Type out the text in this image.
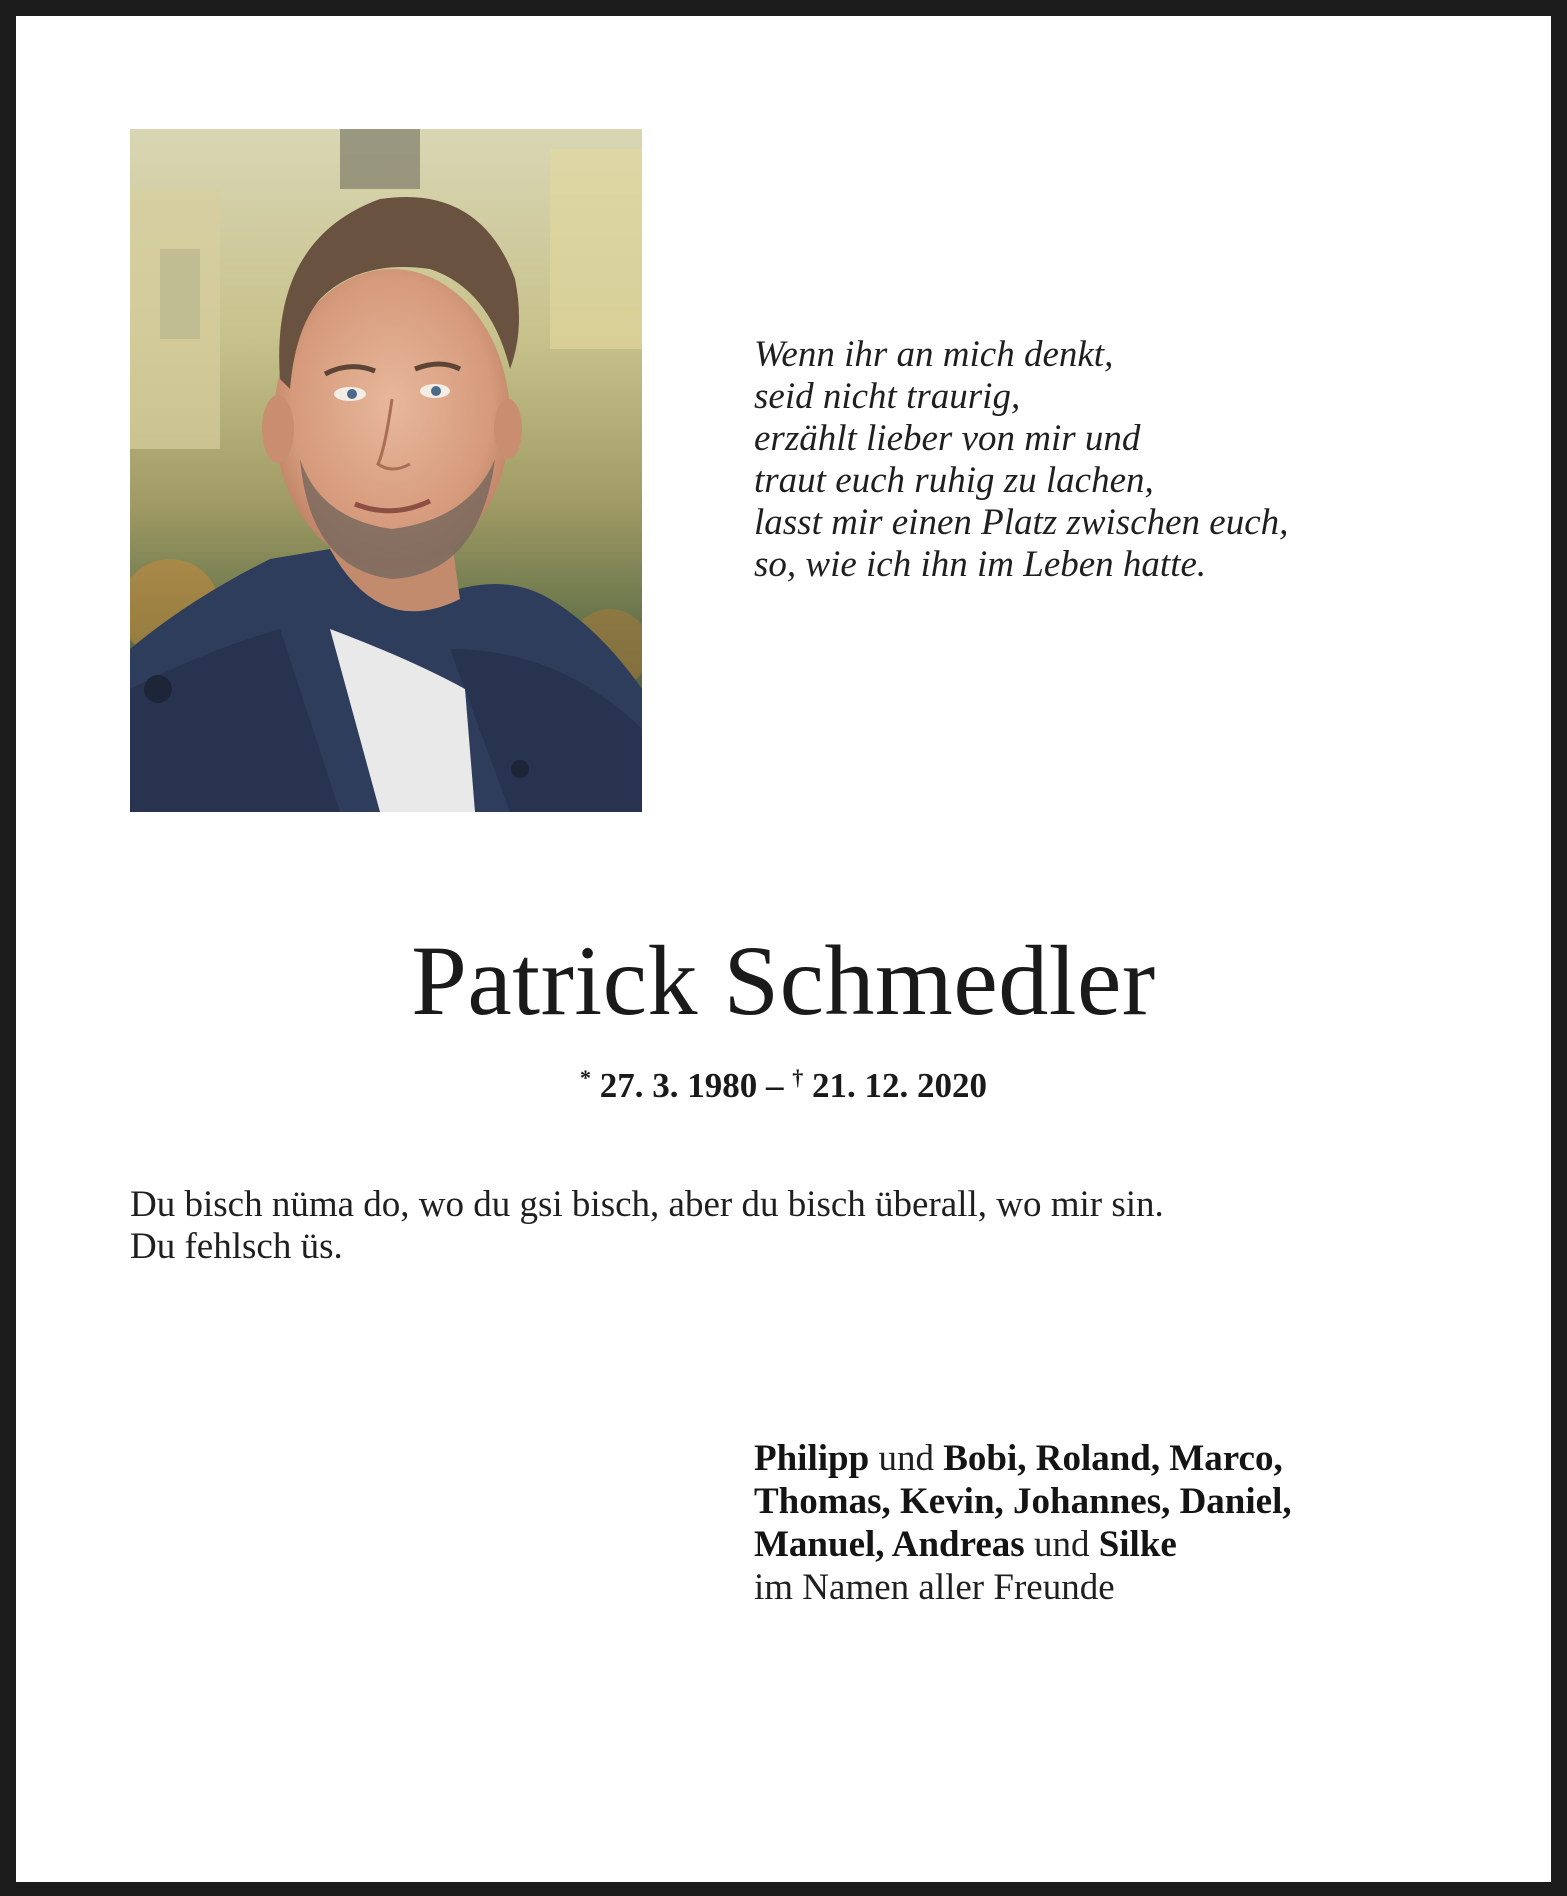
Wenn ihr an mich denkt,
seid nicht traurig,
erzählt lieber von mir und
traut euch ruhig zu lachen,
lasst mir einen Platz zwischen euch,
so, wie ich ihn im Leben hatte.
Patrick Schmedler
* 27. 3. 1980 – † 21. 12. 2020
Du bisch nüma do, wo du gsi bisch, aber du bisch überall, wo mir sin.
Du fehlsch üs.
Philipp und Bobi, Roland, Marco,
Thomas, Kevin, Johannes, Daniel,
Manuel, Andreas und Silke
im Namen aller Freunde
